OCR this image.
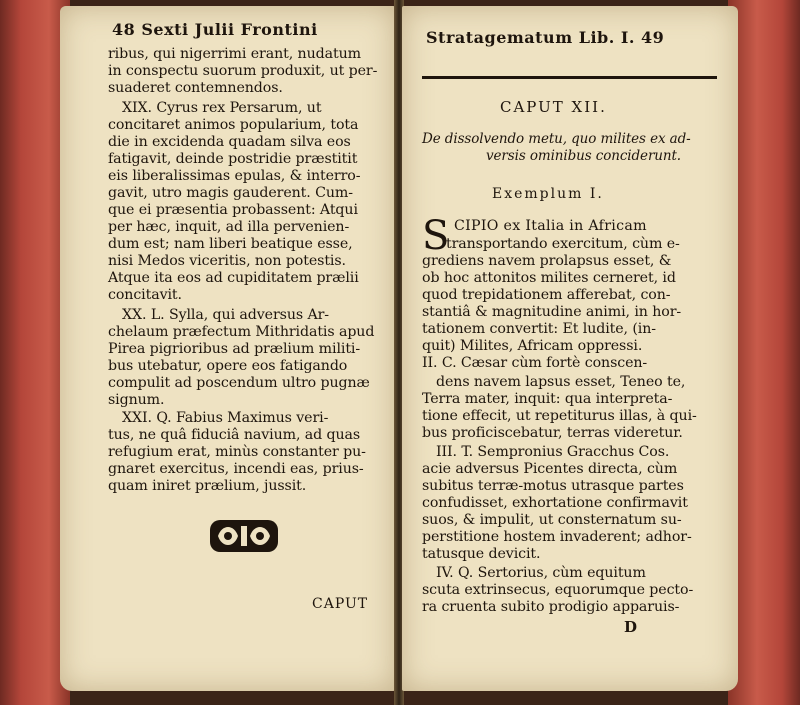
48 Sexti Julii Frontini
ribus, qui nigerrimi erant, nudatum
in conspectu suorum produxit, ut per-
suaderet contemnendos.
XIX. Cyrus rex Persarum, ut
concitaret animos popularium, tota
die in excidenda quadam silva eos
fatigavit, deinde postridie præstitit
eis liberalissimas epulas, & interro-
gavit, utro magis gauderent. Cum-
que ei præsentia probassent: Atqui
per hæc, inquit, ad illa pervenien-
dum est; nam liberi beatique esse,
nisi Medos viceritis, non potestis.
Atque ita eos ad cupiditatem prælii
concitavit.
XX. L. Sylla, qui adversus Ar-
chelaum præfectum Mithridatis apud
Pirea pigrioribus ad prælium militi-
bus utebatur, opere eos fatigando
compulit ad poscendum ultro pugnæ
signum.
XXI. Q. Fabius Maximus veri-
tus, ne quâ fiduciâ navium, ad quas
refugium erat, minùs constanter pu-
gnaret exercitus, incendi eas, prius-
quam iniret prælium, jussit.
CAPUT
Stratagematum Lib. I. 49
CAPUT XII.
De dissolvendo metu, quo milites ex ad-
versis ominibus conciderunt.
Exemplum I.
S CIPIO ex Italia in Africam
transportando exercitum, cùm e-
grediens navem prolapsus esset, &
ob hoc attonitos milites cerneret, id
quod trepidationem afferebat, con-
stantiâ & magnitudine animi, in hor-
tationem convertit: Et ludite, (in-
quit) Milites, Africam oppressi.
II. C. Cæsar cùm fortè conscen-
dens navem lapsus esset, Teneo te,
Terra mater, inquit: qua interpreta-
tione effecit, ut repetiturus illas, à qui-
bus proficiscebatur, terras videretur.
III. T. Sempronius Gracchus Cos.
acie adversus Picentes directa, cùm
subitus terræ-motus utrasque partes
confudisset, exhortatione confirmavit
suos, & impulit, ut consternatum su-
perstitione hostem invaderent; adhor-
tatusque devicit.
IV. Q. Sertorius, cùm equitum
scuta extrinsecus, equorumque pecto-
ra cruenta subito prodigio apparuis-
D
